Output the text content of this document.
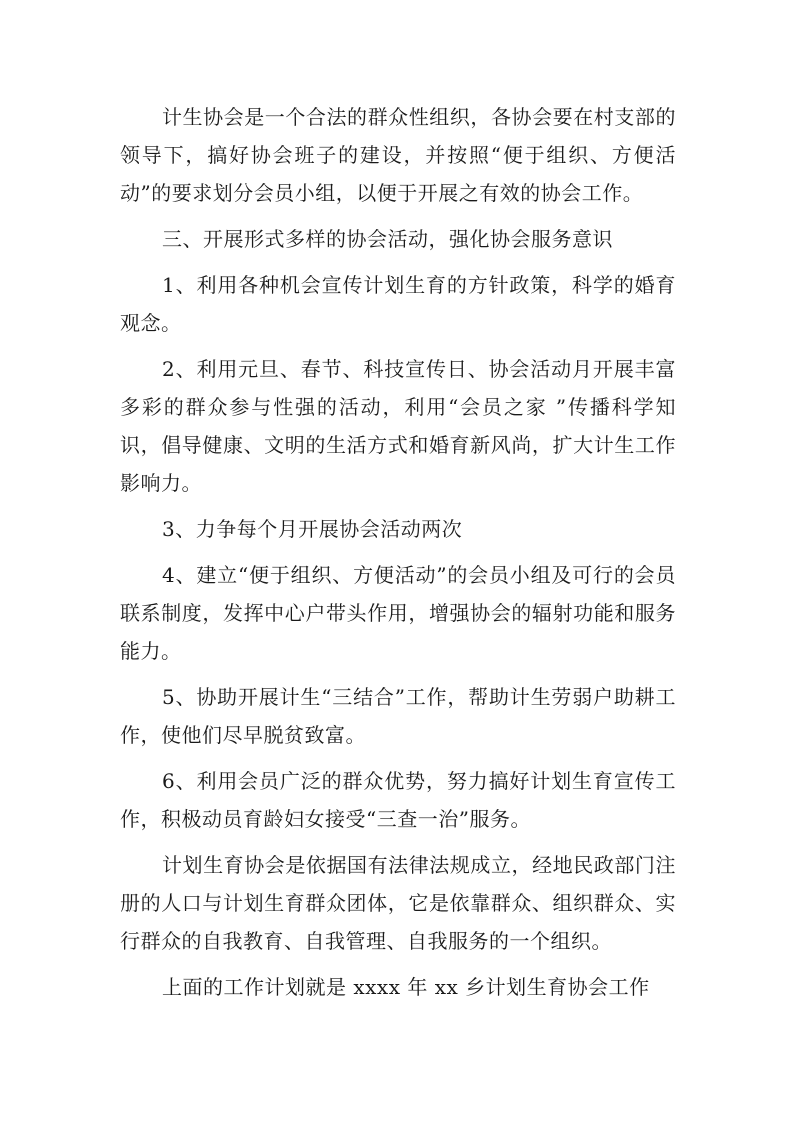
计生协会是一个合法的群众性组织，各协会要在村支部的领导下，搞好协会班子的建设，并按照“便于组织、方便活动”的要求划分会员小组，以便于开展之有效的协会工作。

三、开展形式多样的协会活动，强化协会服务意识

1、利用各种机会宣传计划生育的方针政策，科学的婚育观念。

2、利用元旦、春节、科技宣传日、协会活动月开展丰富多彩的群众参与性强的活动，利用“会员之家 ”传播科学知识，倡导健康、文明的生活方式和婚育新风尚，扩大计生工作影响力。

3、力争每个月开展协会活动两次

4、建立“便于组织、方便活动”的会员小组及可行的会员联系制度，发挥中心户带头作用，增强协会的辐射功能和服务能力。

5、协助开展计生“三结合”工作，帮助计生劳弱户助耕工作，使他们尽早脱贫致富。

6、利用会员广泛的群众优势，努力搞好计划生育宣传工作，积极动员育龄妇女接受“三查一治”服务。

计划生育协会是依据国有法律法规成立，经地民政部门注册的人口与计划生育群众团体，它是依靠群众、组织群众、实行群众的自我教育、自我管理、自我服务的一个组织。

上面的工作计划就是 xxxx 年 xx 乡计划生育协会工作
